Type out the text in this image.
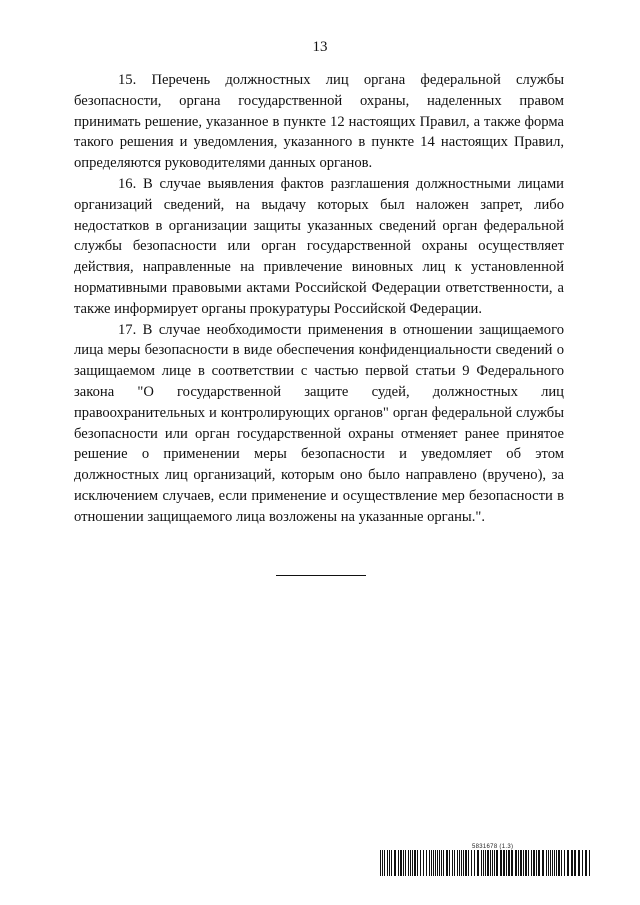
13

15. Перечень должностных лиц органа федеральной службы безопасности, органа государственной охраны, наделенных правом принимать решение, указанное в пункте 12 настоящих Правил, а также форма такого решения и уведомления, указанного в пункте 14 настоящих Правил, определяются руководителями данных органов.

16. В случае выявления фактов разглашения должностными лицами организаций сведений, на выдачу которых был наложен запрет, либо недостатков в организации защиты указанных сведений орган федеральной службы безопасности или орган государственной охраны осуществляет действия, направленные на привлечение виновных лиц к установленной нормативными правовыми актами Российской Федерации ответственности, а также информирует органы прокуратуры Российской Федерации.

17. В случае необходимости применения в отношении защищаемого лица меры безопасности в виде обеспечения конфиденциальности сведений о защищаемом лице в соответствии с частью первой статьи 9 Федерального закона "О государственной защите судей, должностных лиц правоохранительных и контролирующих органов" орган федеральной службы безопасности или орган государственной охраны отменяет ранее принятое решение о применении меры безопасности и уведомляет об этом должностных лиц организаций, которым оно было направлено (вручено), за исключением случаев, если применение и осуществление мер безопасности в отношении защищаемого лица возложены на указанные органы.".

5831678 (1.3)
